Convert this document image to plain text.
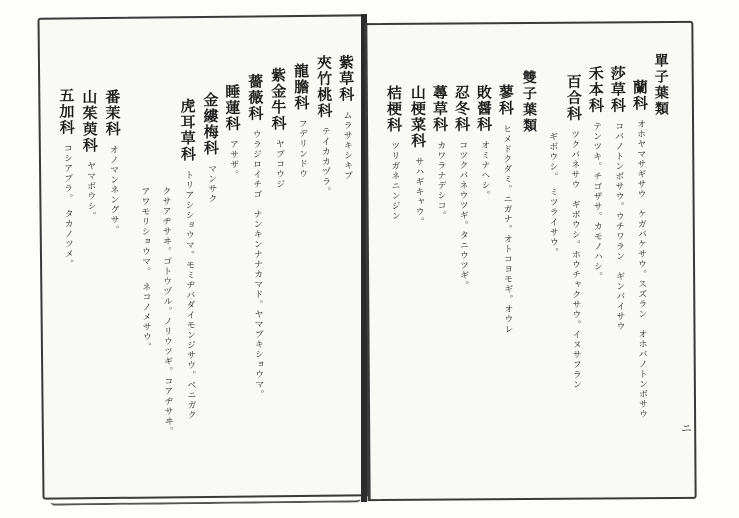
紫草科ムラサキシキブ
夾竹桃科テイカカヅラ。
龍膽科フデリンドウ
紫金牛科ヤブコウジ
薔薇科ウラジロイチゴ　ナンキンナナカマド。ヤマブキショウマ。
睡蓮科アサザ。
金縷梅科マンサク
虎耳草科トリアシショウマ。モミヂバダイモンジサウ。ベニガク
クサアヂサヰ。ゴトウヅル。ノリウツギ。コアヂサヰ。
アワモリショウマ。　ネコノメサウ。
番茉科オノマンネングサ。
山茱萸科ヤマボウシ。
五加科コシアブラ。　タカノツメ。
單子葉類
蘭科オホヤマサギサウ　ケガバケサウ。スズラン　オホバノトンボサウ
莎草科コバノトンボサウ。ウチワラン　ギンバイサウ
禾本科テンツキ。チゴザサ。カモノハシ。
百合科ツクバネサウ　ギボウシ。ホウチャクサウ。イヌサフラン
ギボウシ。　ミツライサウ。
雙子葉類
蓼科ヒメドクダミ。ニガナ。オトコヨモギ。オウレ
敗醤科オミナヘシ。
忍冬科コツクバネウツギ。タニウツギ。
蕁草科カワラナデシコ。
山梗菜科サハギキャウ。
桔梗科ツリガネニンジン
ニ
